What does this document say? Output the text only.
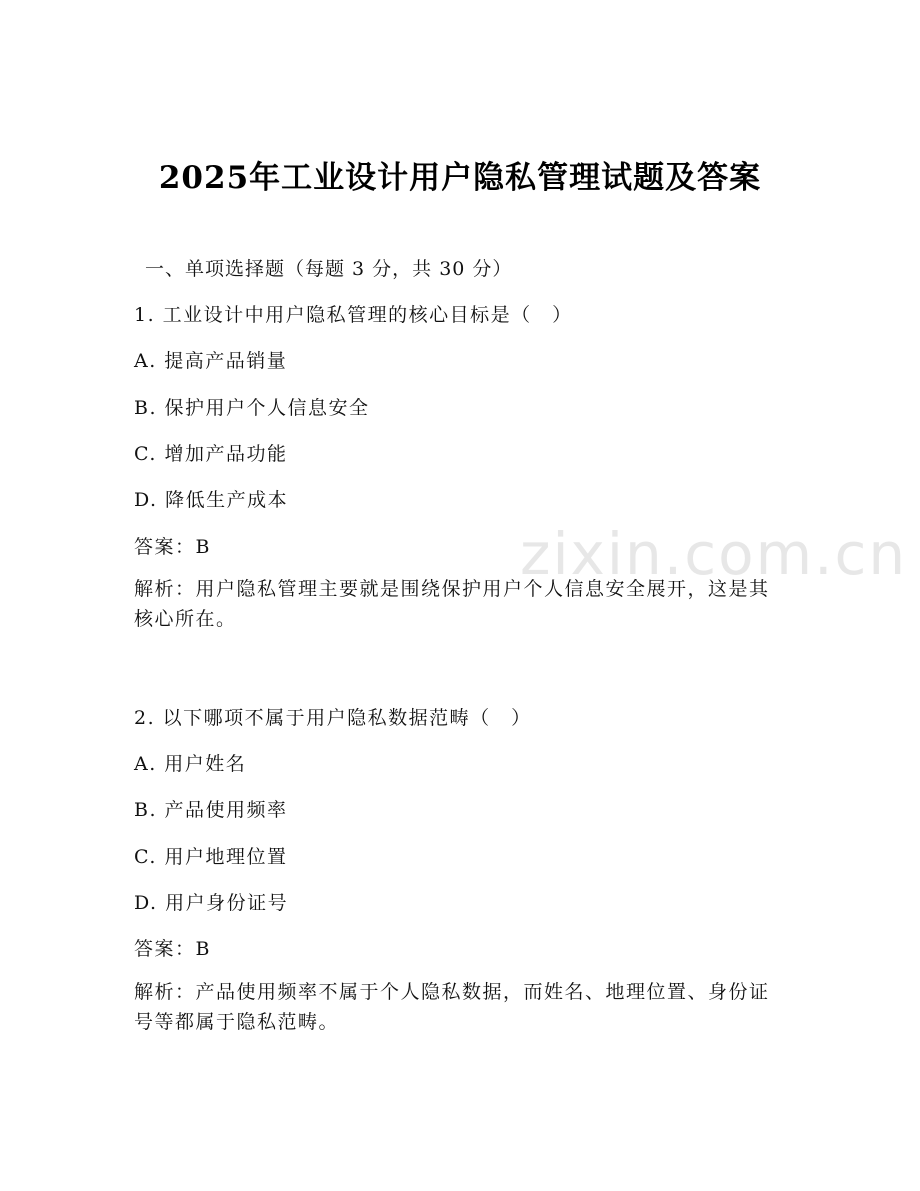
zixin.com.cn
2025年工业设计用户隐私管理试题及答案
一、单项选择题（每题 3 分，共 30 分）
1. 工业设计中用户隐私管理的核心目标是（　）
A. 提高产品销量
B. 保护用户个人信息安全
C. 增加产品功能
D. 降低生产成本
答案：B
解析：用户隐私管理主要就是围绕保护用户个人信息安全展开，这是其核心所在。
2. 以下哪项不属于用户隐私数据范畴（　）
A. 用户姓名
B. 产品使用频率
C. 用户地理位置
D. 用户身份证号
答案：B
解析：产品使用频率不属于个人隐私数据，而姓名、地理位置、身份证号等都属于隐私范畴。
